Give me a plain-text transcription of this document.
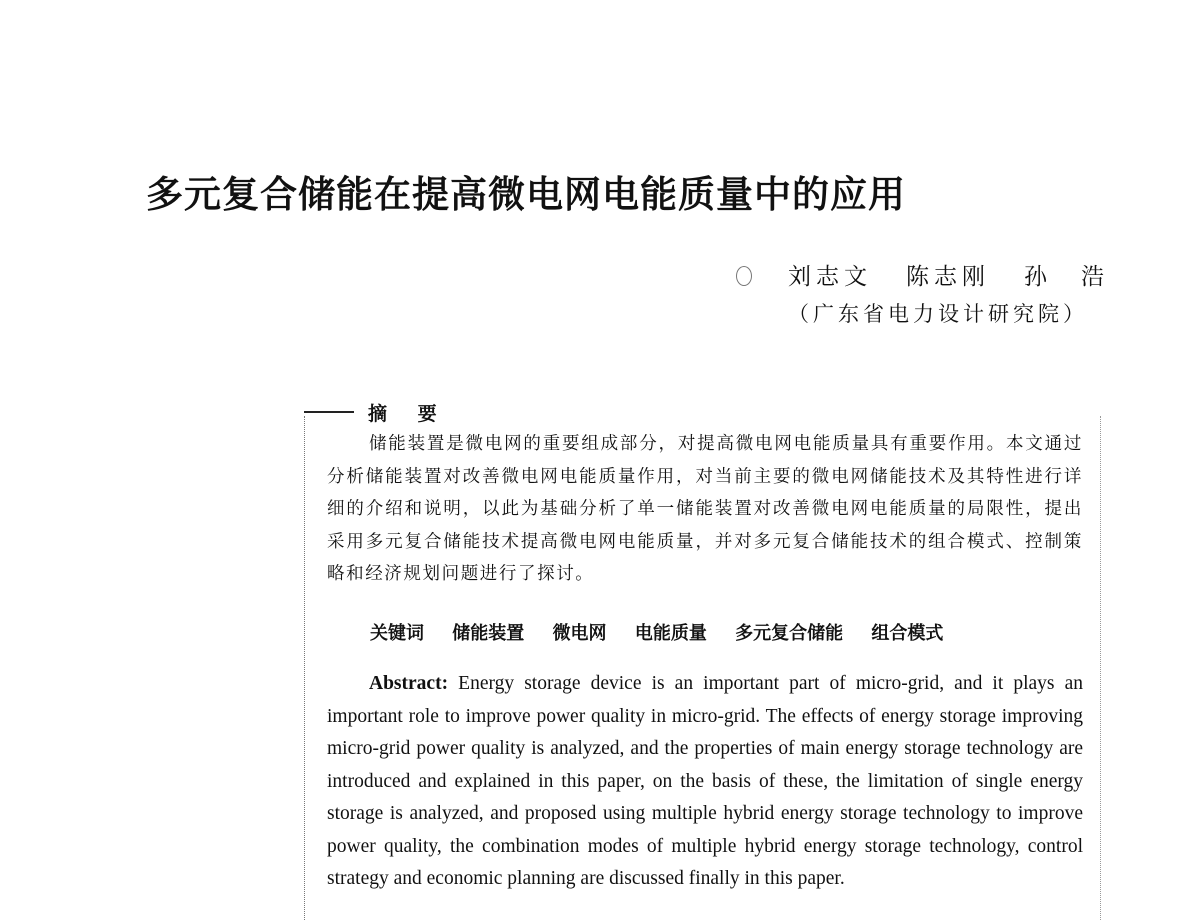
多元复合储能在提高微电网电能质量中的应用
刘志文 陈志刚 孙浩
（广东省电力设计研究院）
摘 要

储能装置是微电网的重要组成部分，对提高微电网电能质量具有重要作用。本文通过分析储能装置对改善微电网电能质量作用，对当前主要的微电网储能技术及其特性进行详细的介绍和说明，以此为基础分析了单一储能装置对改善微电网电能质量的局限性，提出采用多元复合储能技术提高微电网电能质量，并对多元复合储能技术的组合模式、控制策略和经济规划问题进行了探讨。

关键词 储能装置 微电网 电能质量 多元复合储能 组合模式

Abstract: Energy storage device is an important part of micro-grid, and it plays an important role to improve power quality in micro-grid. The effects of energy storage improving micro-grid power quality is analyzed, and the properties of main energy storage technology are introduced and explained in this paper, on the basis of these, the limitation of single energy storage is analyzed, and proposed using multiple hybrid energy storage technology to improve power quality, the combination modes of multiple hybrid energy storage technology, control strategy and economic planning are discussed finally in this paper.
